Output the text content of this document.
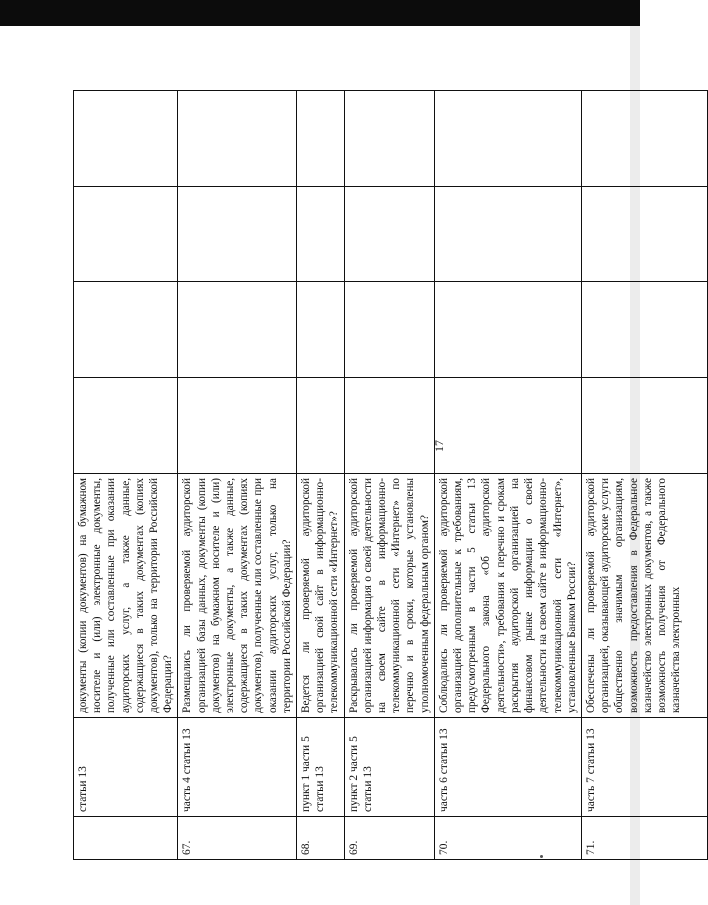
17
	статьи 13	документы (копии документов) на бумажном носителе и (или) электронные документы, полученные или составленные при оказании аудиторских услуг, а также данные, содержащиеся в таких документах (копиях документов), только на территории Российской Федерации?				
67.	часть 4 статьи 13	Размещались ли проверяемой аудиторской организацией базы данных, документы (копии документов) на бумажном носителе и (или) электронные документы, а также данные, содержащиеся в таких документах (копиях документов), полученные или составленные при оказании аудиторских услуг, только на территории Российской Федерации?				
68.	пункт 1 части 5 статьи 13	Ведется ли проверяемой аудиторской организацией свой сайт в информационно-телекоммуникационной сети «Интернет»?				
69.	пункт 2 части 5 статьи 13	Раскрывалась ли проверяемой аудиторской организацией информация о своей деятельности на своем сайте в информационно-телекоммуникационной сети «Интернет» по перечню и в сроки, которые установлены уполномоченным федеральным органом?				
70.	часть 6 статьи 13	Соблюдались ли проверяемой аудиторской организацией дополнительные к требованиям, предусмотренным в части 5 статьи 13 Федерального закона «Об аудиторской деятельности», требования к перечню и срокам раскрытия аудиторской организацией на финансовом рынке информации о своей деятельности на своем сайте в информационно-телекоммуникационной сети «Интернет», установленные Банком России?				
71.	часть 7 статьи 13	Обеспечены ли проверяемой аудиторской организацией, оказывающей аудиторские услуги общественно значимым организациям, возможность предоставления в Федеральное казначейство электронных документов, а также возможность получения от Федерального казначейства электронных				
